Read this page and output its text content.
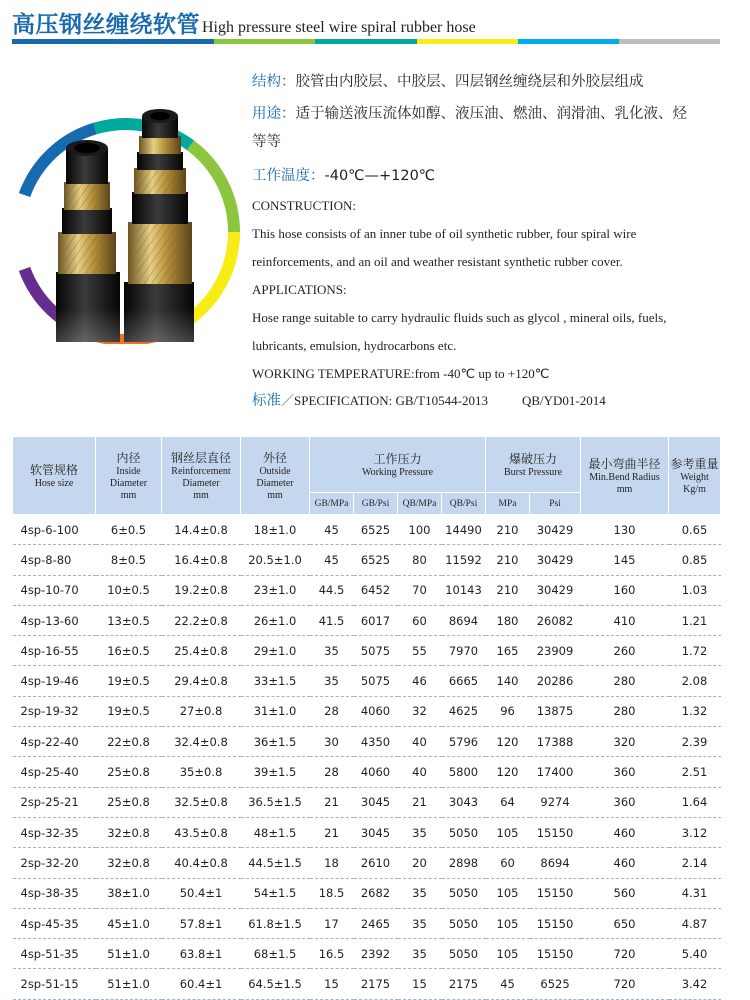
高压钢丝缠绕软管 High pressure steel wire spiral rubber hose
结构：胶管由内胶层、中胶层、四层钢丝缠绕层和外胶层组成
用途：适于输送液压流体如醇、液压油、燃油、润滑油、乳化液、烃
等等
工作温度：-40℃—+120℃
CONSTRUCTION:
This hose consists of an inner tube of oil synthetic rubber, four spiral wire
reinforcements, and an oil and weather resistant synthetic rubber cover.
APPLICATIONS:
Hose range suitable to carry hydraulic fluids such as glycol , mineral oils, fuels,
lubricants, emulsion, hydrocarbons etc.
WORKING TEMPERATURE:from -40℃ up to +120℃
标准／SPECIFICATION: GB/T10544-2013	QB/YD01-2014
软管规格
Hose size	内径
Inside
Diameter
mm	钢丝层直径
Reinforcement
Diameter
mm	外径
Outside
Diameter
mm	工作压力
Working Pressure				爆破压力
Burst Pressure		最小弯曲半径
Min.Bend Radius
mm	参考重量
Weight
Kg/m

				GB/MPa	GB/Psi	QB/MPa	QB/Psi	MPa	Psi		
4sp-6-100	6±0.5	14.4±0.8	18±1.0	45	6525	100	14490	210	30429	130	0.65
4sp-8-80	8±0.5	16.4±0.8	20.5±1.0	45	6525	80	11592	210	30429	145	0.85
4sp-10-70	10±0.5	19.2±0.8	23±1.0	44.5	6452	70	10143	210	30429	160	1.03
4sp-13-60	13±0.5	22.2±0.8	26±1.0	41.5	6017	60	8694	180	26082	410	1.21
4sp-16-55	16±0.5	25.4±0.8	29±1.0	35	5075	55	7970	165	23909	260	1.72
4sp-19-46	19±0.5	29.4±0.8	33±1.5	35	5075	46	6665	140	20286	280	2.08
2sp-19-32	19±0.5	27±0.8	31±1.0	28	4060	32	4625	96	13875	280	1.32
4sp-22-40	22±0.8	32.4±0.8	36±1.5	30	4350	40	5796	120	17388	320	2.39
4sp-25-40	25±0.8	35±0.8	39±1.5	28	4060	40	5800	120	17400	360	2.51
2sp-25-21	25±0.8	32.5±0.8	36.5±1.5	21	3045	21	3043	64	9274	360	1.64
4sp-32-35	32±0.8	43.5±0.8	48±1.5	21	3045	35	5050	105	15150	460	3.12
2sp-32-20	32±0.8	40.4±0.8	44.5±1.5	18	2610	20	2898	60	8694	460	2.14
4sp-38-35	38±1.0	50.4±1	54±1.5	18.5	2682	35	5050	105	15150	560	4.31
4sp-45-35	45±1.0	57.8±1	61.8±1.5	17	2465	35	5050	105	15150	650	4.87
4sp-51-35	51±1.0	63.8±1	68±1.5	16.5	2392	35	5050	105	15150	720	5.40
2sp-51-15	51±1.0	60.4±1	64.5±1.5	15	2175	15	2175	45	6525	720	3.42
